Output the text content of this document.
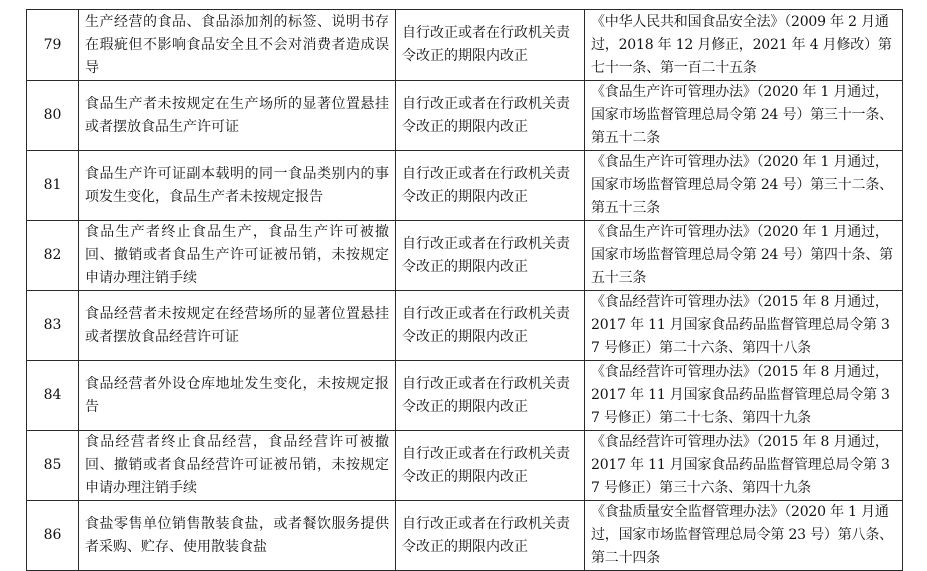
79	生产经营的食品、食品添加剂的标签、说明书存在瑕疵但不影响食品安全且不会对消费者造成误导	自行改正或者在行政机关责令改正的期限内改正	《中华人民共和国食品安全法》（2009 年 2 月通过，2018 年 12 月修正，2021 年 4 月修改）第七十一条、第一百二十五条
80	食品生产者未按规定在生产场所的显著位置悬挂或者摆放食品生产许可证	自行改正或者在行政机关责令改正的期限内改正	《食品生产许可管理办法》（2020 年 1 月通过，国家市场监督管理总局令第 24 号）第三十一条、第五十二条
81	食品生产许可证副本载明的同一食品类别内的事项发生变化，食品生产者未按规定报告	自行改正或者在行政机关责令改正的期限内改正	《食品生产许可管理办法》（2020 年 1 月通过，国家市场监督管理总局令第 24 号）第三十二条、第五十三条
82	食品生产者终止食品生产，食品生产许可被撤回、撤销或者食品生产许可证被吊销，未按规定申请办理注销手续	自行改正或者在行政机关责令改正的期限内改正	《食品生产许可管理办法》（2020 年 1 月通过，国家市场监督管理总局令第 24 号）第四十条、第五十三条
83	食品经营者未按规定在经营场所的显著位置悬挂或者摆放食品经营许可证	自行改正或者在行政机关责令改正的期限内改正	《食品经营许可管理办法》（2015 年 8 月通过，2017 年 11 月国家食品药品监督管理总局令第 37 号修正）第二十六条、第四十八条
84	食品经营者外设仓库地址发生变化，未按规定报告	自行改正或者在行政机关责令改正的期限内改正	《食品经营许可管理办法》（2015 年 8 月通过，2017 年 11 月国家食品药品监督管理总局令第 37 号修正）第二十七条、第四十九条
85	食品经营者终止食品经营，食品经营许可被撤回、撤销或者食品经营许可证被吊销，未按规定申请办理注销手续	自行改正或者在行政机关责令改正的期限内改正	《食品经营许可管理办法》（2015 年 8 月通过，2017 年 11 月国家食品药品监督管理总局令第 37 号修正）第三十六条、第四十九条
86	食盐零售单位销售散装食盐，或者餐饮服务提供者采购、贮存、使用散装食盐	自行改正或者在行政机关责令改正的期限内改正	《食盐质量安全监督管理办法》（2020 年 1 月通过，国家市场监督管理总局令第 23 号）第八条、第二十四条
